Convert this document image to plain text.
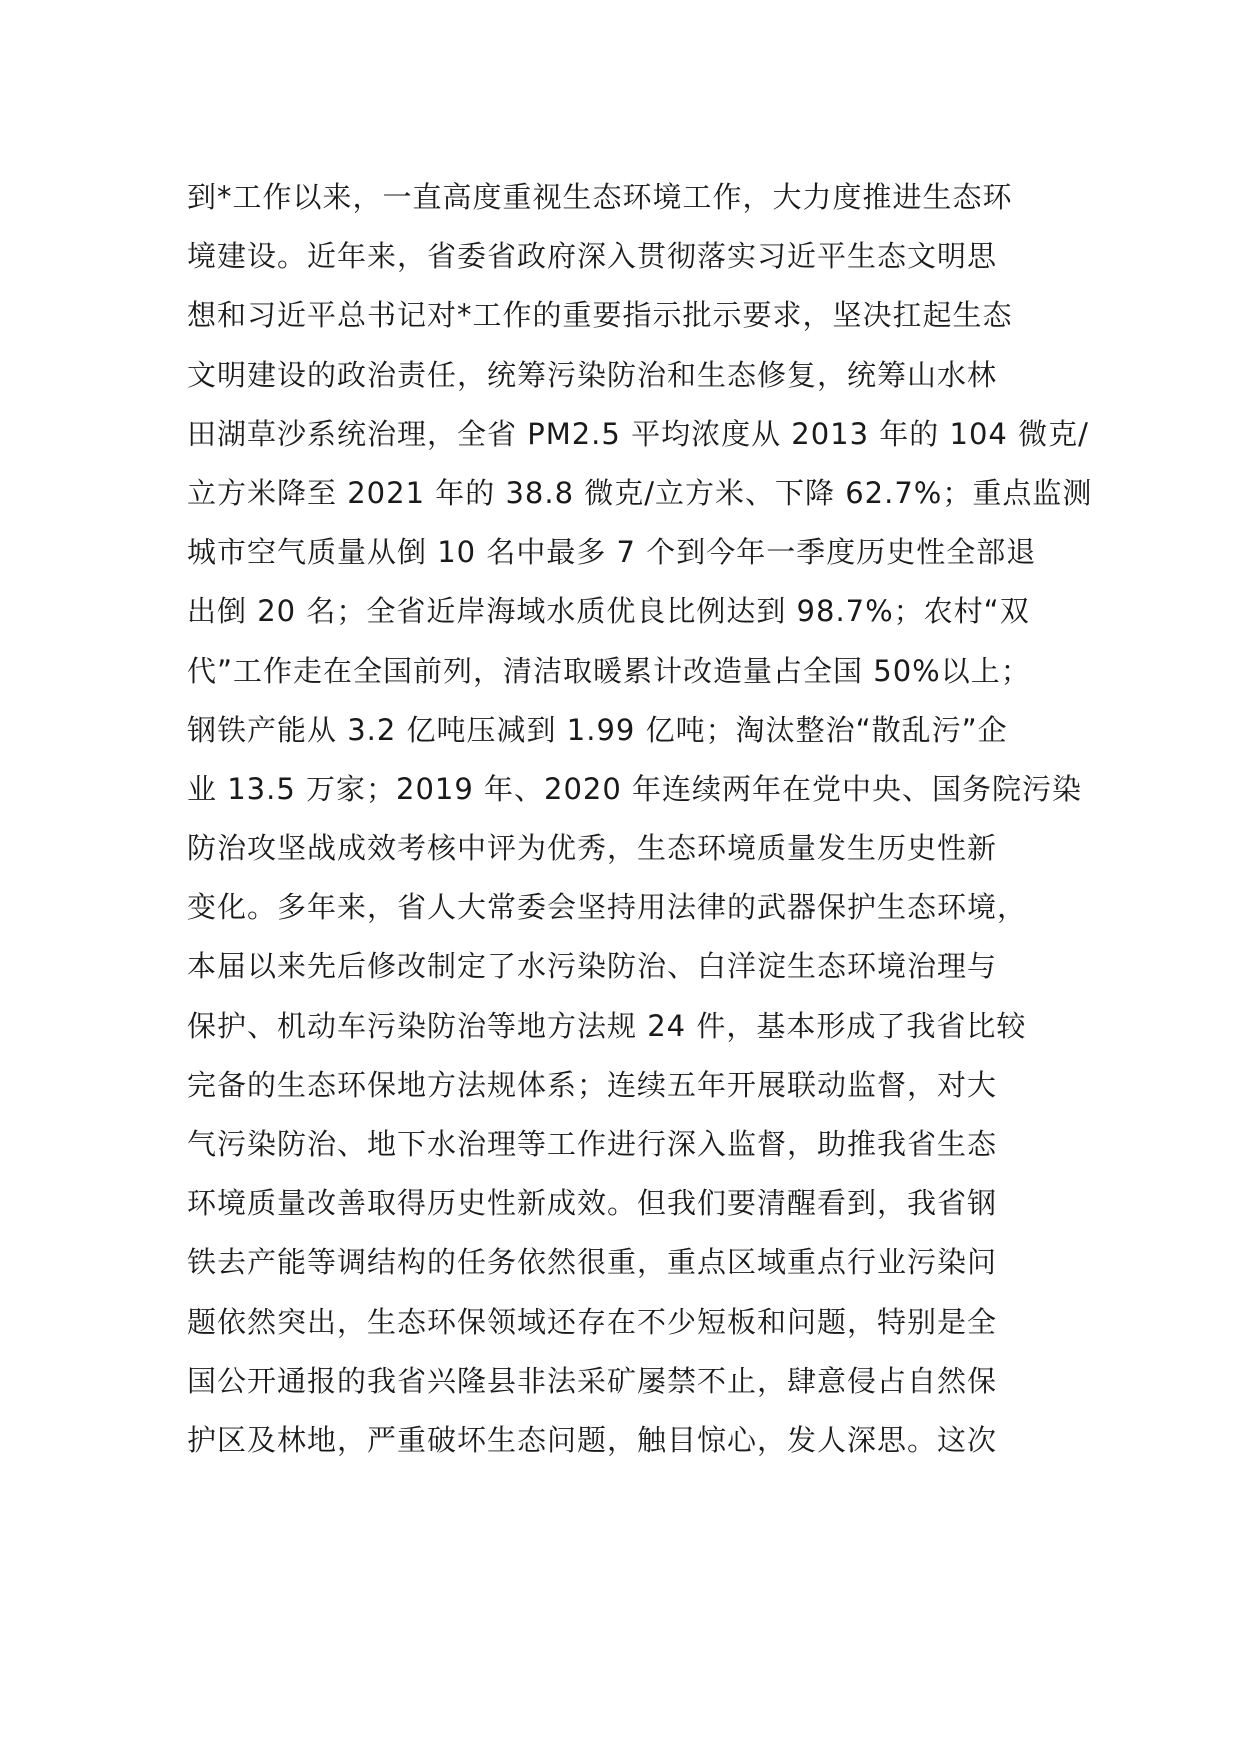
到*工作以来，一直高度重视生态环境工作，大力度推进生态环
境建设。近年来，省委省政府深入贯彻落实习近平生态文明思
想和习近平总书记对*工作的重要指示批示要求，坚决扛起生态
文明建设的政治责任，统筹污染防治和生态修复，统筹山水林
田湖草沙系统治理，全省 PM2.5 平均浓度从 2013 年的 104 微克/
立方米降至 2021 年的 38.8 微克/立方米、下降 62.7%；重点监测
城市空气质量从倒 10 名中最多 7 个到今年一季度历史性全部退
出倒 20 名；全省近岸海域水质优良比例达到 98.7%；农村“双
代”工作走在全国前列，清洁取暖累计改造量占全国 50%以上；
钢铁产能从 3.2 亿吨压减到 1.99 亿吨；淘汰整治“散乱污”企
业 13.5 万家；2019 年、2020 年连续两年在党中央、国务院污染
防治攻坚战成效考核中评为优秀，生态环境质量发生历史性新
变化。多年来，省人大常委会坚持用法律的武器保护生态环境，
本届以来先后修改制定了水污染防治、白洋淀生态环境治理与
保护、机动车污染防治等地方法规 24 件，基本形成了我省比较
完备的生态环保地方法规体系；连续五年开展联动监督，对大
气污染防治、地下水治理等工作进行深入监督，助推我省生态
环境质量改善取得历史性新成效。但我们要清醒看到，我省钢
铁去产能等调结构的任务依然很重，重点区域重点行业污染问
题依然突出，生态环保领域还存在不少短板和问题，特别是全
国公开通报的我省兴隆县非法采矿屡禁不止，肆意侵占自然保
护区及林地，严重破坏生态问题，触目惊心，发人深思。这次
